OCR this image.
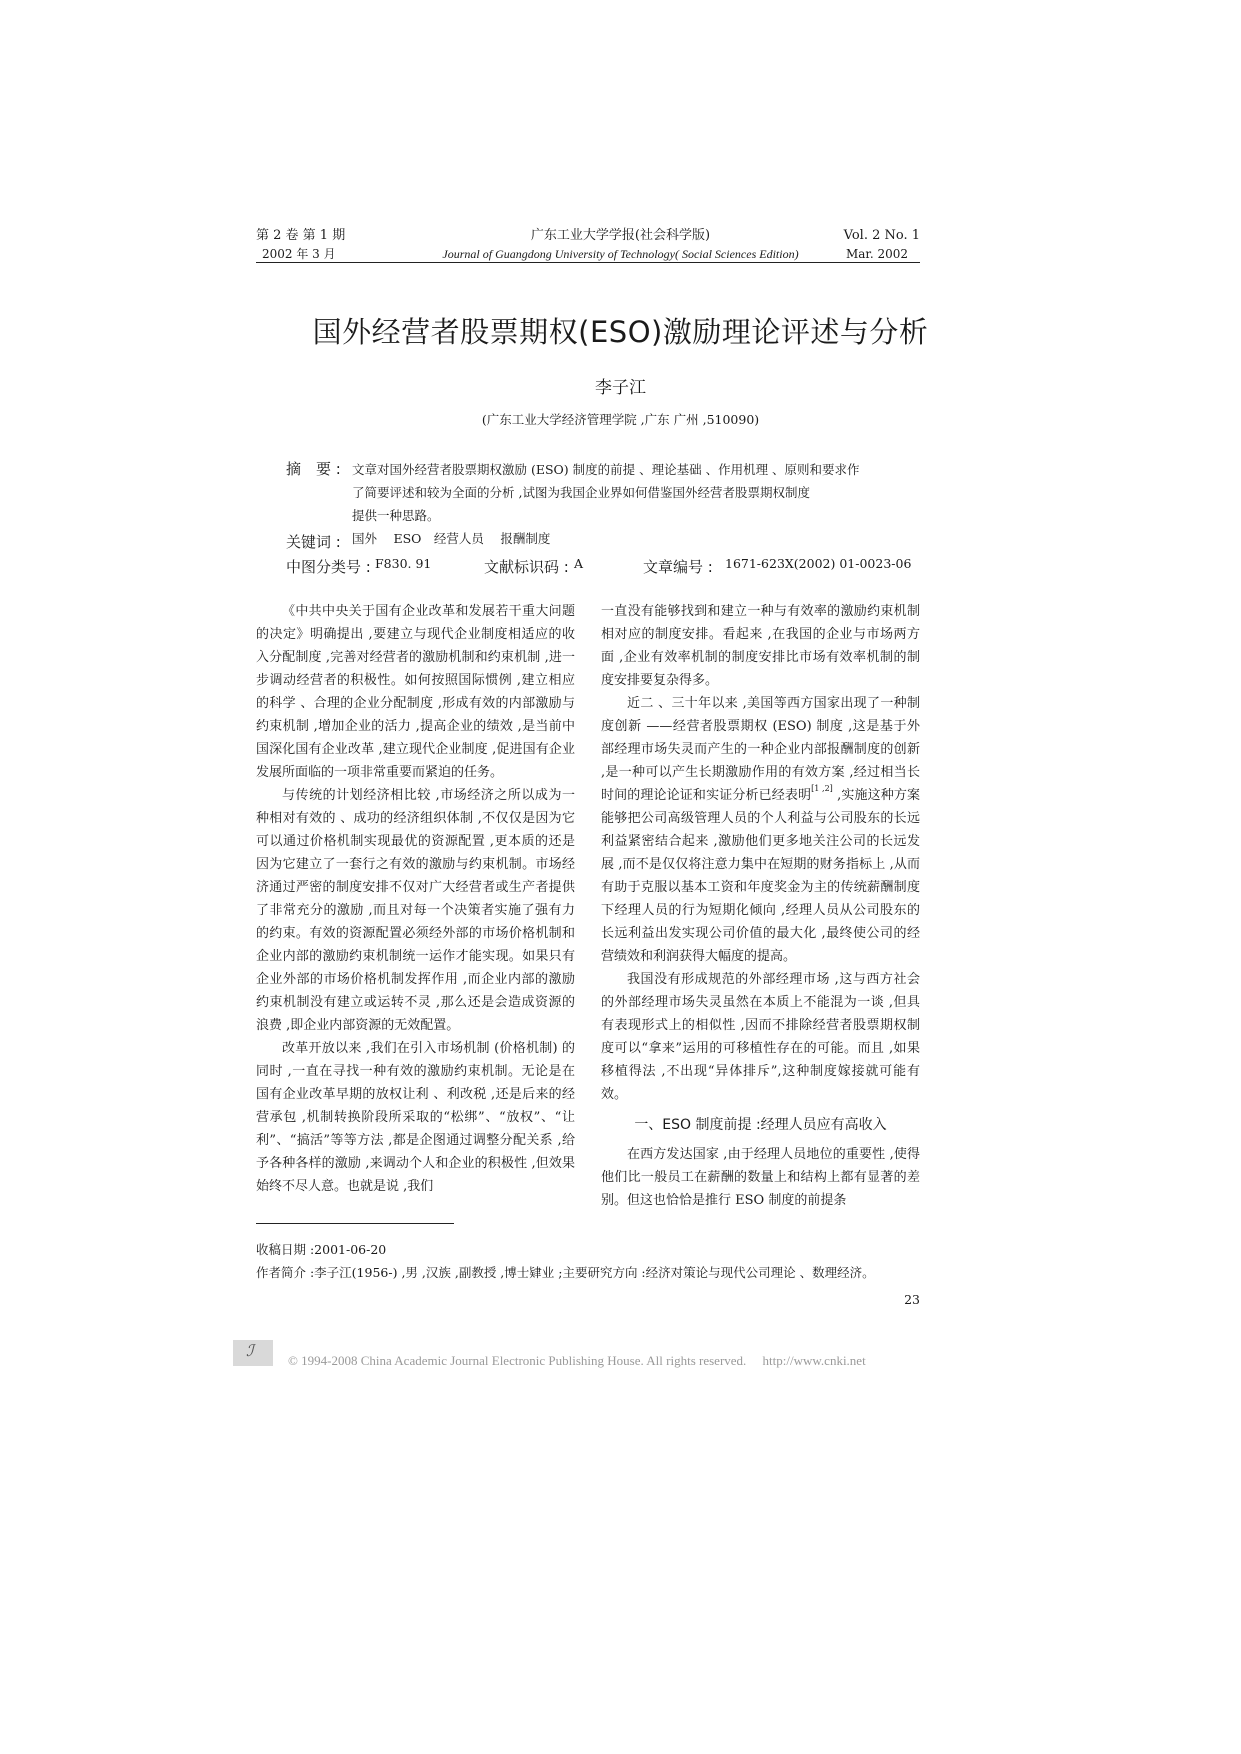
第 2 卷 第 1 期	广东工业大学学报(社会科学版)	Vol. 2 No. 1
2002 年 3 月	Journal of Guangdong University of Technology( Social Sciences Edition)	Mar. 2002
国外经营者股票期权(ESO)激励理论评述与分析
李子江
(广东工业大学经济管理学院 ,广东 广州 ,510090)
摘　要 : 文章对国外经营者股票期权激励 (ESO) 制度的前提 、理论基础 、作用机理 、原则和要求作
了简要评述和较为全面的分析 ,试图为我国企业界如何借鉴国外经营者股票期权制度
提供一种思路。
关键词 : 国外　 ESO　经营人员　 报酬制度
中图分类号 : F830. 91	文献标识码 : A	文章编号 : 1671-623X(2002) 01-0023-06

《中共中央关于国有企业改革和发展若干重大问题的决定》明确提出 ,要建立与现代企业制度相适应的收入分配制度 ,完善对经营者的激励机制和约束机制 ,进一步调动经营者的积极性。如何按照国际惯例 ,建立相应的科学 、合理的企业分配制度 ,形成有效的内部激励与约束机制 ,增加企业的活力 ,提高企业的绩效 ,是当前中国深化国有企业改革 ,建立现代企业制度 ,促进国有企业发展所面临的一项非常重要而紧迫的任务。

与传统的计划经济相比较 ,市场经济之所以成为一种相对有效的 、成功的经济组织体制 ,不仅仅是因为它可以通过价格机制实现最优的资源配置 ,更本质的还是因为它建立了一套行之有效的激励与约束机制。市场经济通过严密的制度安排不仅对广大经营者或生产者提供了非常充分的激励 ,而且对每一个决策者实施了强有力的约束。有效的资源配置必须经外部的市场价格机制和企业内部的激励约束机制统一运作才能实现。如果只有企业外部的市场价格机制发挥作用 ,而企业内部的激励约束机制没有建立或运转不灵 ,那么还是会造成资源的浪费 ,即企业内部资源的无效配置。

改革开放以来 ,我们在引入市场机制 (价格机制) 的同时 ,一直在寻找一种有效的激励约束机制。无论是在国有企业改革早期的放权让利 、利改税 ,还是后来的经营承包 ,机制转换阶段所采取的“松绑”、“放权”、“让利”、“搞活”等等方法 ,都是企图通过调整分配关系 ,给予各种各样的激励 ,来调动个人和企业的积极性 ,但效果始终不尽人意。也就是说 ,我们

一直没有能够找到和建立一种与有效率的激励约束机制相对应的制度安排。看起来 ,在我国的企业与市场两方面 ,企业有效率机制的制度安排比市场有效率机制的制度安排要复杂得多。

近二 、三十年以来 ,美国等西方国家出现了一种制度创新 ——经营者股票期权 (ESO) 制度 ,这是基于外部经理市场失灵而产生的一种企业内部报酬制度的创新 ,是一种可以产生长期激励作用的有效方案 ,经过相当长时间的理论论证和实证分析已经表明[1 ,2] ,实施这种方案能够把公司高级管理人员的个人利益与公司股东的长远利益紧密结合起来 ,激励他们更多地关注公司的长远发展 ,而不是仅仅将注意力集中在短期的财务指标上 ,从而有助于克服以基本工资和年度奖金为主的传统薪酬制度下经理人员的行为短期化倾向 ,经理人员从公司股东的长远利益出发实现公司价值的最大化 ,最终使公司的经营绩效和利润获得大幅度的提高。

我国没有形成规范的外部经理市场 ,这与西方社会的外部经理市场失灵虽然在本质上不能混为一谈 ,但具有表现形式上的相似性 ,因而不排除经营者股票期权制度可以“拿来”运用的可移植性存在的可能。而且 ,如果移植得法 ,不出现“异体排斥”,这种制度嫁接就可能有效。

一、ESO 制度前提 :经理人员应有高收入

在西方发达国家 ,由于经理人员地位的重要性 ,使得他们比一般员工在薪酬的数量上和结构上都有显著的差别。但这也恰恰是推行 ESO 制度的前提条

收稿日期 :2001-06-20
作者简介 :李子江(1956-) ,男 ,汉族 ,副教授 ,博士肄业 ;主要研究方向 :经济对策论与现代公司理论 、数理经济。
23
ℐ
© 1994-2008 China Academic Journal Electronic Publishing House. All rights reserved.　 http://www.cnki.net
